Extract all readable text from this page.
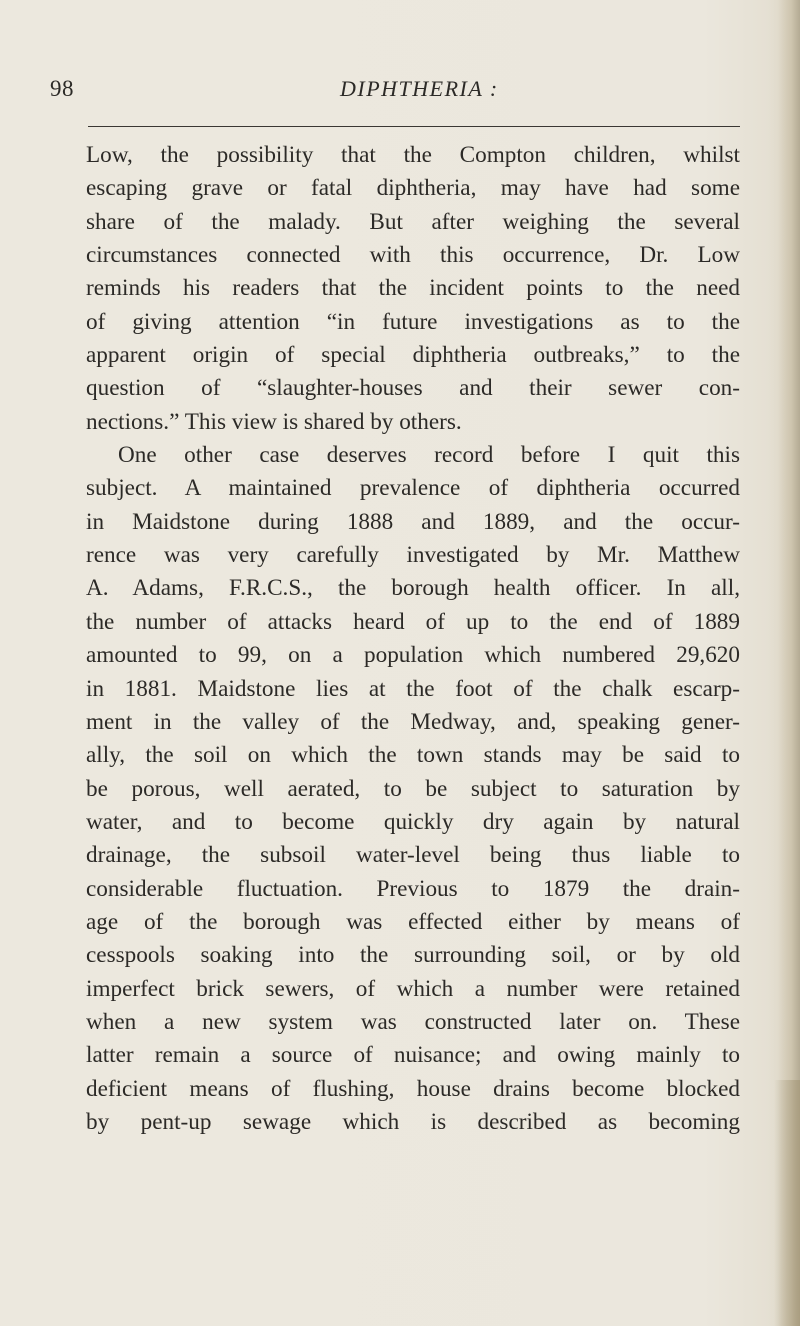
98	DIPHTHERIA :
Low, the possibility that the Compton children, whilst
escaping grave or fatal diphtheria, may have had some
share of the malady. But after weighing the several
circumstances connected with this occurrence, Dr. Low
reminds his readers that the incident points to the need
of giving attention “in future investigations as to the
apparent origin of special diphtheria outbreaks,” to the
question of “slaughter-houses and their sewer con-
nections.” This view is shared by others.
One other case deserves record before I quit this
subject. A maintained prevalence of diphtheria occurred
in Maidstone during 1888 and 1889, and the occur-
rence was very carefully investigated by Mr. Matthew
A. Adams, F.R.C.S., the borough health officer. In all,
the number of attacks heard of up to the end of 1889
amounted to 99, on a population which numbered 29,620
in 1881. Maidstone lies at the foot of the chalk escarp-
ment in the valley of the Medway, and, speaking gener-
ally, the soil on which the town stands may be said to
be porous, well aerated, to be subject to saturation by
water, and to become quickly dry again by natural
drainage, the subsoil water-level being thus liable to
considerable fluctuation. Previous to 1879 the drain-
age of the borough was effected either by means of
cesspools soaking into the surrounding soil, or by old
imperfect brick sewers, of which a number were retained
when a new system was constructed later on. These
latter remain a source of nuisance; and owing mainly to
deficient means of flushing, house drains become blocked
by pent-up sewage which is described as becoming
